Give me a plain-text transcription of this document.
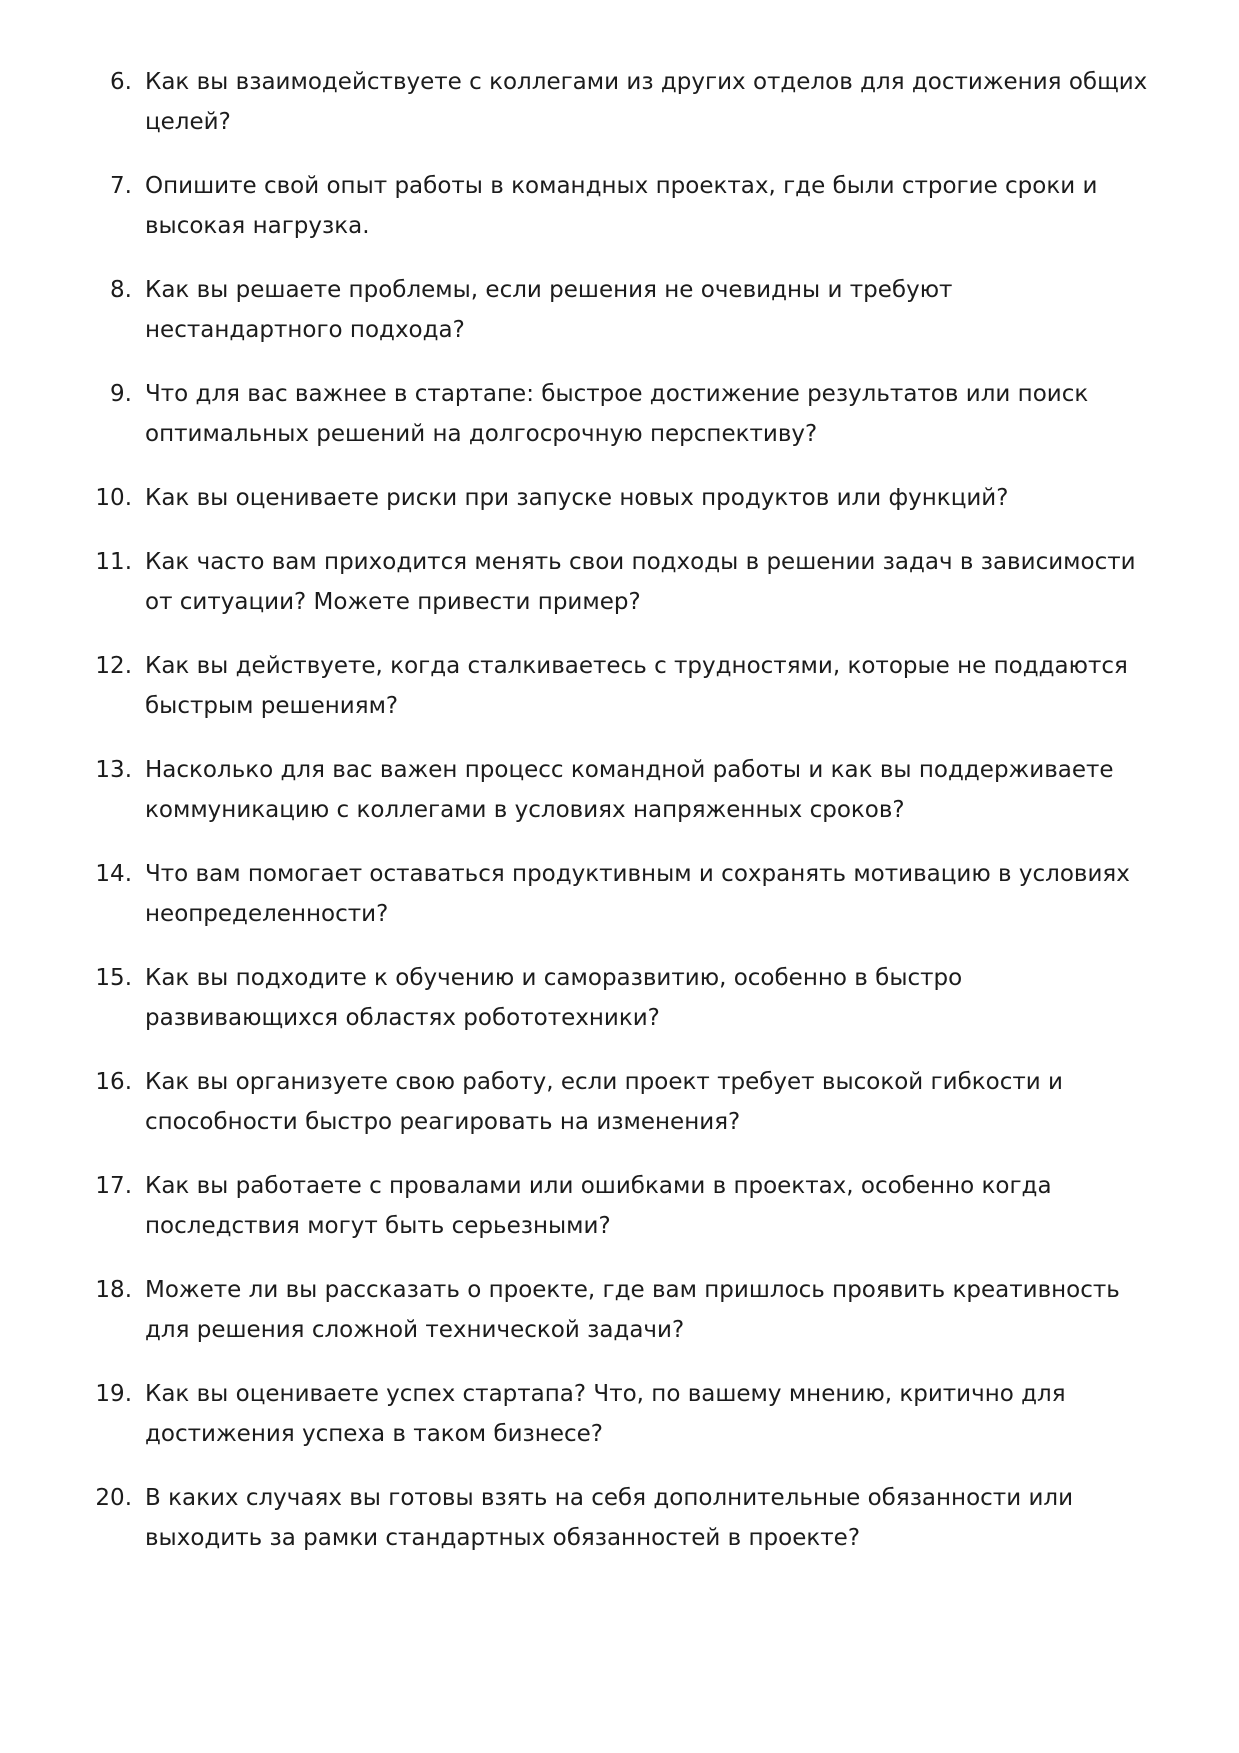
6. Как вы взаимодействуете с коллегами из других отделов для достижения общих целей?
7. Опишите свой опыт работы в командных проектах, где были строгие сроки и высокая нагрузка.
8. Как вы решаете проблемы, если решения не очевидны и требуют нестандартного подхода?
9. Что для вас важнее в стартапе: быстрое достижение результатов или поиск оптимальных решений на долгосрочную перспективу?
10. Как вы оцениваете риски при запуске новых продуктов или функций?
11. Как часто вам приходится менять свои подходы в решении задач в зависимости от ситуации? Можете привести пример?
12. Как вы действуете, когда сталкиваетесь с трудностями, которые не поддаются быстрым решениям?
13. Насколько для вас важен процесс командной работы и как вы поддерживаете коммуникацию с коллегами в условиях напряженных сроков?
14. Что вам помогает оставаться продуктивным и сохранять мотивацию в условиях неопределенности?
15. Как вы подходите к обучению и саморазвитию, особенно в быстро развивающихся областях робототехники?
16. Как вы организуете свою работу, если проект требует высокой гибкости и способности быстро реагировать на изменения?
17. Как вы работаете с провалами или ошибками в проектах, особенно когда последствия могут быть серьезными?
18. Можете ли вы рассказать о проекте, где вам пришлось проявить креативность для решения сложной технической задачи?
19. Как вы оцениваете успех стартапа? Что, по вашему мнению, критично для достижения успеха в таком бизнесе?
20. В каких случаях вы готовы взять на себя дополнительные обязанности или выходить за рамки стандартных обязанностей в проекте?
